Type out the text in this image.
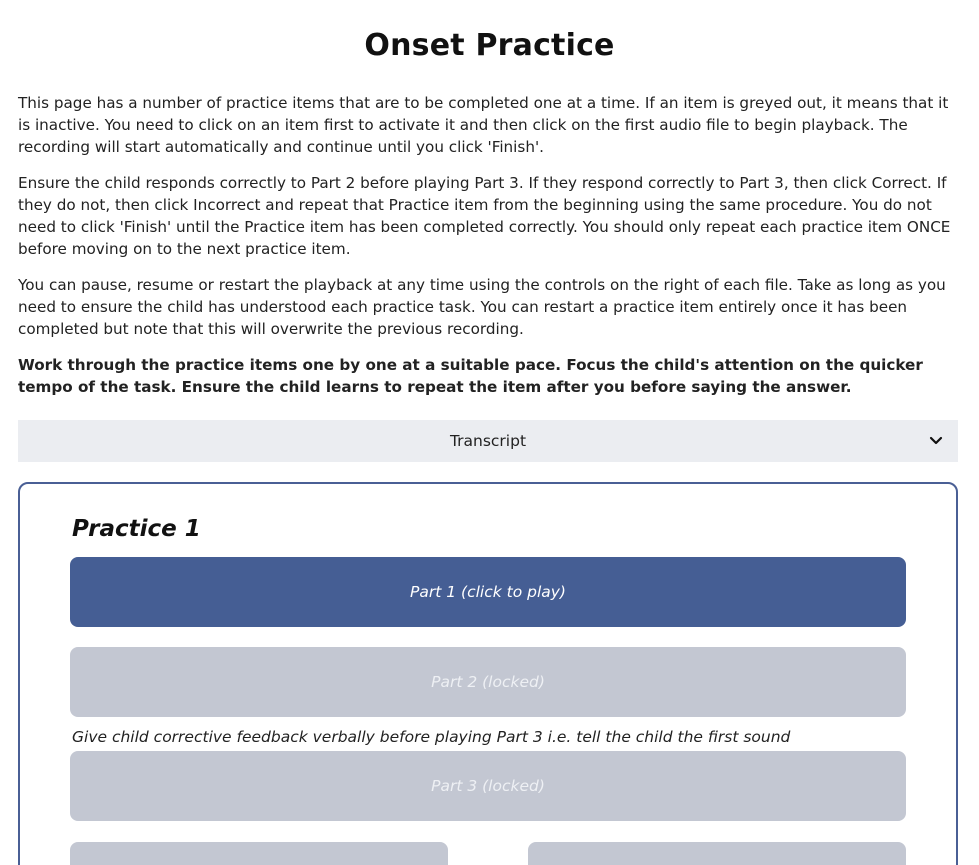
Onset Practice

This page has a number of practice items that are to be completed one at a time. If an item is greyed out, it means that it is inactive. You need to click on an item first to activate it and then click on the first audio file to begin playback. The recording will start automatically and continue until you click 'Finish'.

Ensure the child responds correctly to Part 2 before playing Part 3. If they respond correctly to Part 3, then click Correct. If they do not, then click Incorrect and repeat that Practice item from the beginning using the same procedure. You do not need to click 'Finish' until the Practice item has been completed correctly. You should only repeat each practice item ONCE before moving on to the next practice item.

You can pause, resume or restart the playback at any time using the controls on the right of each file. Take as long as you need to ensure the child has understood each practice task. You can restart a practice item entirely once it has been completed but note that this will overwrite the previous recording.

Work through the practice items one by one at a suitable pace. Focus the child's attention on the quicker tempo of the task. Ensure the child learns to repeat the item after you before saying the answer.

Transcript
Practice 1
Part 1 (click to play)
Part 2 (locked)
Give child corrective feedback verbally before playing Part 3 i.e. tell the child the first sound
Part 3 (locked)
